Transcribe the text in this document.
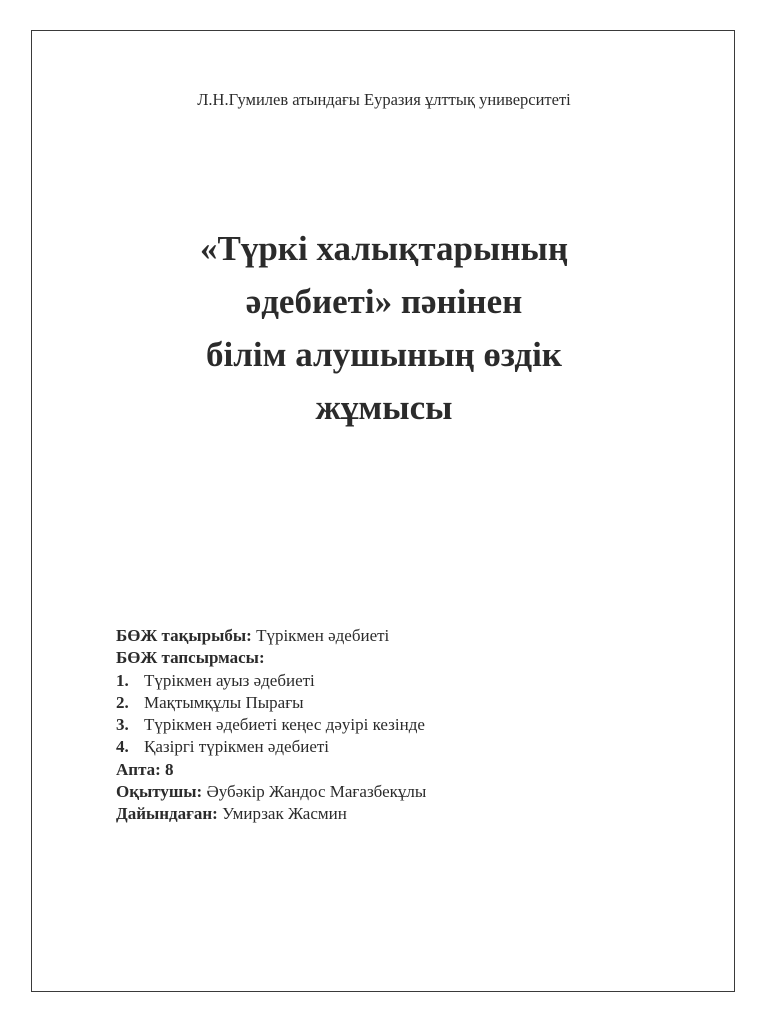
Л.Н.Гумилев атындағы Еуразия ұлттық университеті
«Түркі халықтарының
әдебиеті» пәнінен
білім алушының өздік
жұмысы
БӨЖ тақырыбы: Түрікмен әдебиеті
БӨЖ тапсырмасы:
1. Түрікмен ауыз әдебиеті
2. Мақтымқұлы Пырағы
3. Түрікмен әдебиеті кеңес дәуірі кезінде
4. Қазіргі түрікмен әдебиеті
Апта: 8
Оқытушы: Әубәкір Жандос Мағазбекұлы
Дайындаған: Умирзак Жасмин
